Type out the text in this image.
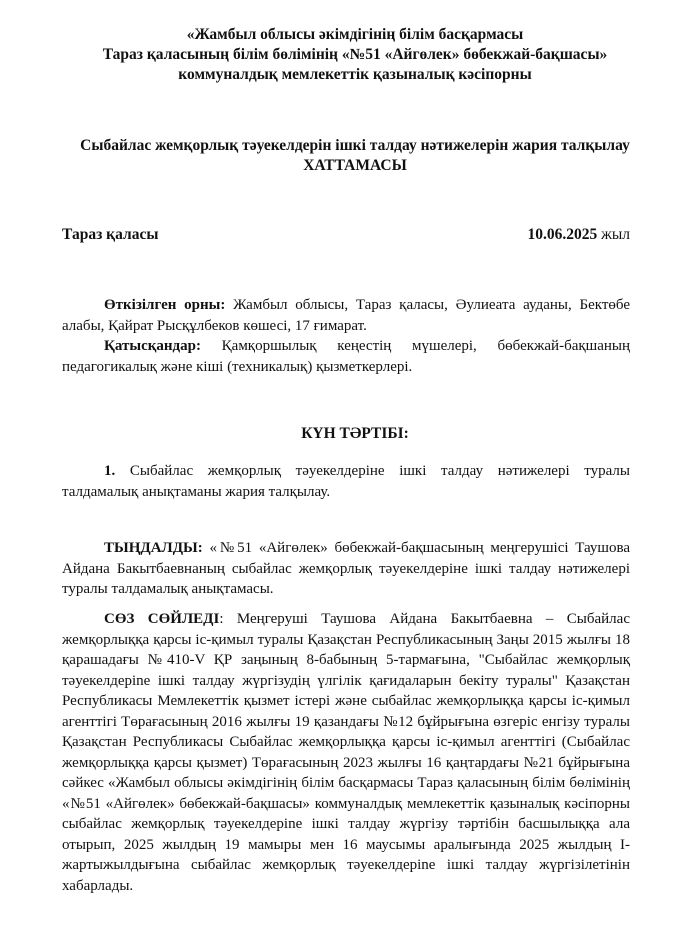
«Жамбыл облысы әкімдігінің білім басқармасы
Тараз қаласының білім бөлімінің «№51 «Айгөлек» бөбекжай-бақшасы»
коммуналдық мемлекеттік қазыналық кәсіпорны
Сыбайлас жемқорлық тәуекелдерін ішкі талдау нәтижелерін жария талқылау
ХАТТАМАСЫ
Тараз қаласы	10.06.2025 жыл
Өткізілген орны: Жамбыл облысы, Тараз қаласы, Әулиеата ауданы, Бектөбе алабы, Қайрат Рысқұлбеков көшесі, 17 ғимарат.
Қатысқандар: Қамқоршылық кеңестің мүшелері, бөбекжай-бақшаның педагогикалық және кіші (техникалық) қызметкерлері.
КҮН ТӘРТІБІ:
1. Сыбайлас жемқорлық тәуекелдеріне ішкі талдау нәтижелері туралы талдамалық анықтаманы жария талқылау.
ТЫҢДАЛДЫ: «№51 «Айгөлек» бөбекжай-бақшасының меңгерушісі Таушова Айдана Бакытбаевнаның сыбайлас жемқорлық тәуекелдеріне ішкі талдау нәтижелері туралы талдамалық анықтамасы.
СӨЗ СӨЙЛЕДІ: Меңгеруші Таушова Айдана Бакытбаевна – Сыбайлас жемқорлыққа қарсы іс-қимыл туралы Қазақстан Республикасының Заңы 2015 жылғы 18 қарашадағы №410-V ҚР заңының 8-бабының 5-тармағына, "Сыбайлас жемқорлық тәуекелдерine ішкі талдау жүргізудің үлгілік қағидаларын бекіту туралы" Қазақстан Республикасы Мемлекеттік қызмет істері және сыбайлас жемқорлыққа қарсы іс-қимыл агенттігі Төрағасының 2016 жылғы 19 қазандағы №12 бұйрығына өзгеріс енгізу туралы Қазақстан Республикасы Сыбайлас жемқорлыққа қарсы іс-қимыл агенттігі (Сыбайлас жемқорлыққа қарсы қызмет) Төрағасының 2023 жылғы 16 қаңтардағы №21 бұйрығына сәйкес «Жамбыл облысы әкімдігінің білім басқармасы Тараз қаласының білім бөлімінің «№51 «Айгөлек» бөбекжай-бақшасы» коммуналдық мемлекеттік қазыналық кәсіпорны сыбайлас жемқорлық тәуекелдерine ішкі талдау жүргізу тәртібін басшылыққа ала отырып, 2025 жылдың 19 мамыры мен 16 маусымы аралығында 2025 жылдың І-жартыжылдығына сыбайлас жемқорлық тәуекелдерine ішкі талдау жүргізілетінін хабарлады.
